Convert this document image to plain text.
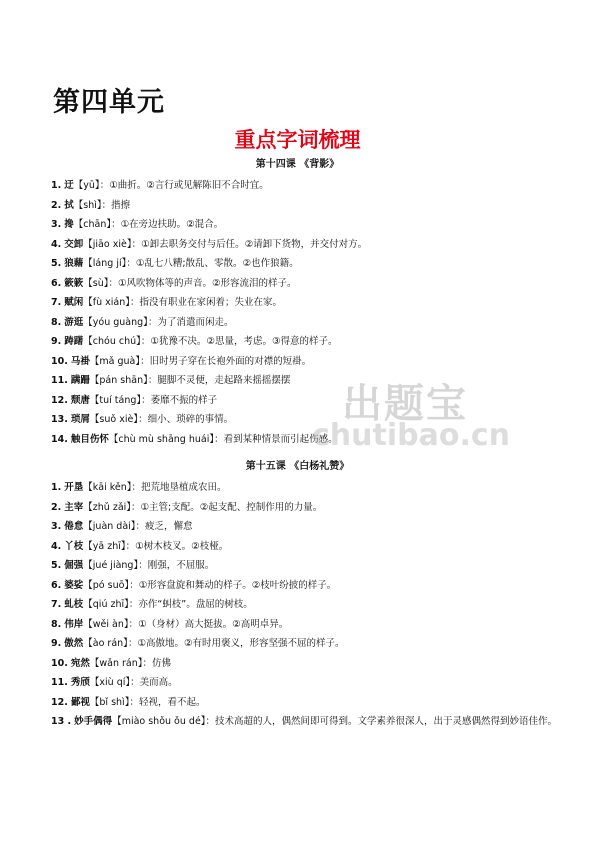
第四单元
重点字词梳理
第十四课 《背影》
1. 迂【yū】：①曲折。②言行或见解陈旧不合时宜。
2. 拭【shì】：揩擦
3. 搀【chān】：①在旁边扶助。②混合。
4. 交卸【jiāo xiè】：①卸去职务交付与后任。②请卸下货物，并交付对方。
5. 狼藉【láng jí】：①乱七八糟;散乱、零散。②也作狼籍。
6. 簌簌【sù】：①风吹物体等的声音。②形容流泪的样子。
7. 赋闲【fù xián】：指没有职业在家闲着；失业在家。
8. 游逛【yóu guàng】：为了消遣而闲走。
9. 踌躇【chóu chú】：①犹豫不决。②思量，考虑。③得意的样子。
10. 马褂【mǎ guà】：旧时男子穿在长袍外面的对襟的短褂。
11. 蹒跚【pán shān】：腿脚不灵便，走起路来摇摇摆摆
12. 颓唐【tuí táng】：萎靡不振的样子
13. 琐屑【suǒ xiè】：细小、琐碎的事情。
14. 触目伤怀【chù mù shāng huái】：看到某种情景而引起伤感。
第十五课 《白杨礼赞》
1. 开垦【kāi kěn】：把荒地垦植成农田。
2. 主宰【zhǔ zǎi】：①主管;支配。②起支配、控制作用的力量。
3. 倦怠【juàn dài】：疲乏，懈怠
4. 丫枝【yā zhī】：①树木枝叉。②枝桠。
5. 倔强【jué jiàng】：刚强，不屈服。
6. 婆娑【pó suō】：①形容盘旋和舞动的样子。②枝叶纷披的样子。
7. 虬枝【qiú zhī】：亦作“虯枝”。盘屈的树枝。
8. 伟岸【wěi àn】：①（身材）高大挺拔。②高明卓异。
9. 傲然【ào rán】：①高傲地。②有时用褒义，形容坚强不屈的样子。
10. 宛然【wǎn rán】：仿佛
11. 秀颀【xiù qí】：美而高。
12. 鄙视【bǐ shì】：轻视，看不起。
13 . 妙手偶得【miào shǒu ǒu dé】：技术高超的人，偶然间即可得到。文学素养很深人，出于灵感偶然得到妙语佳作。
出题宝
chutibao.cn
